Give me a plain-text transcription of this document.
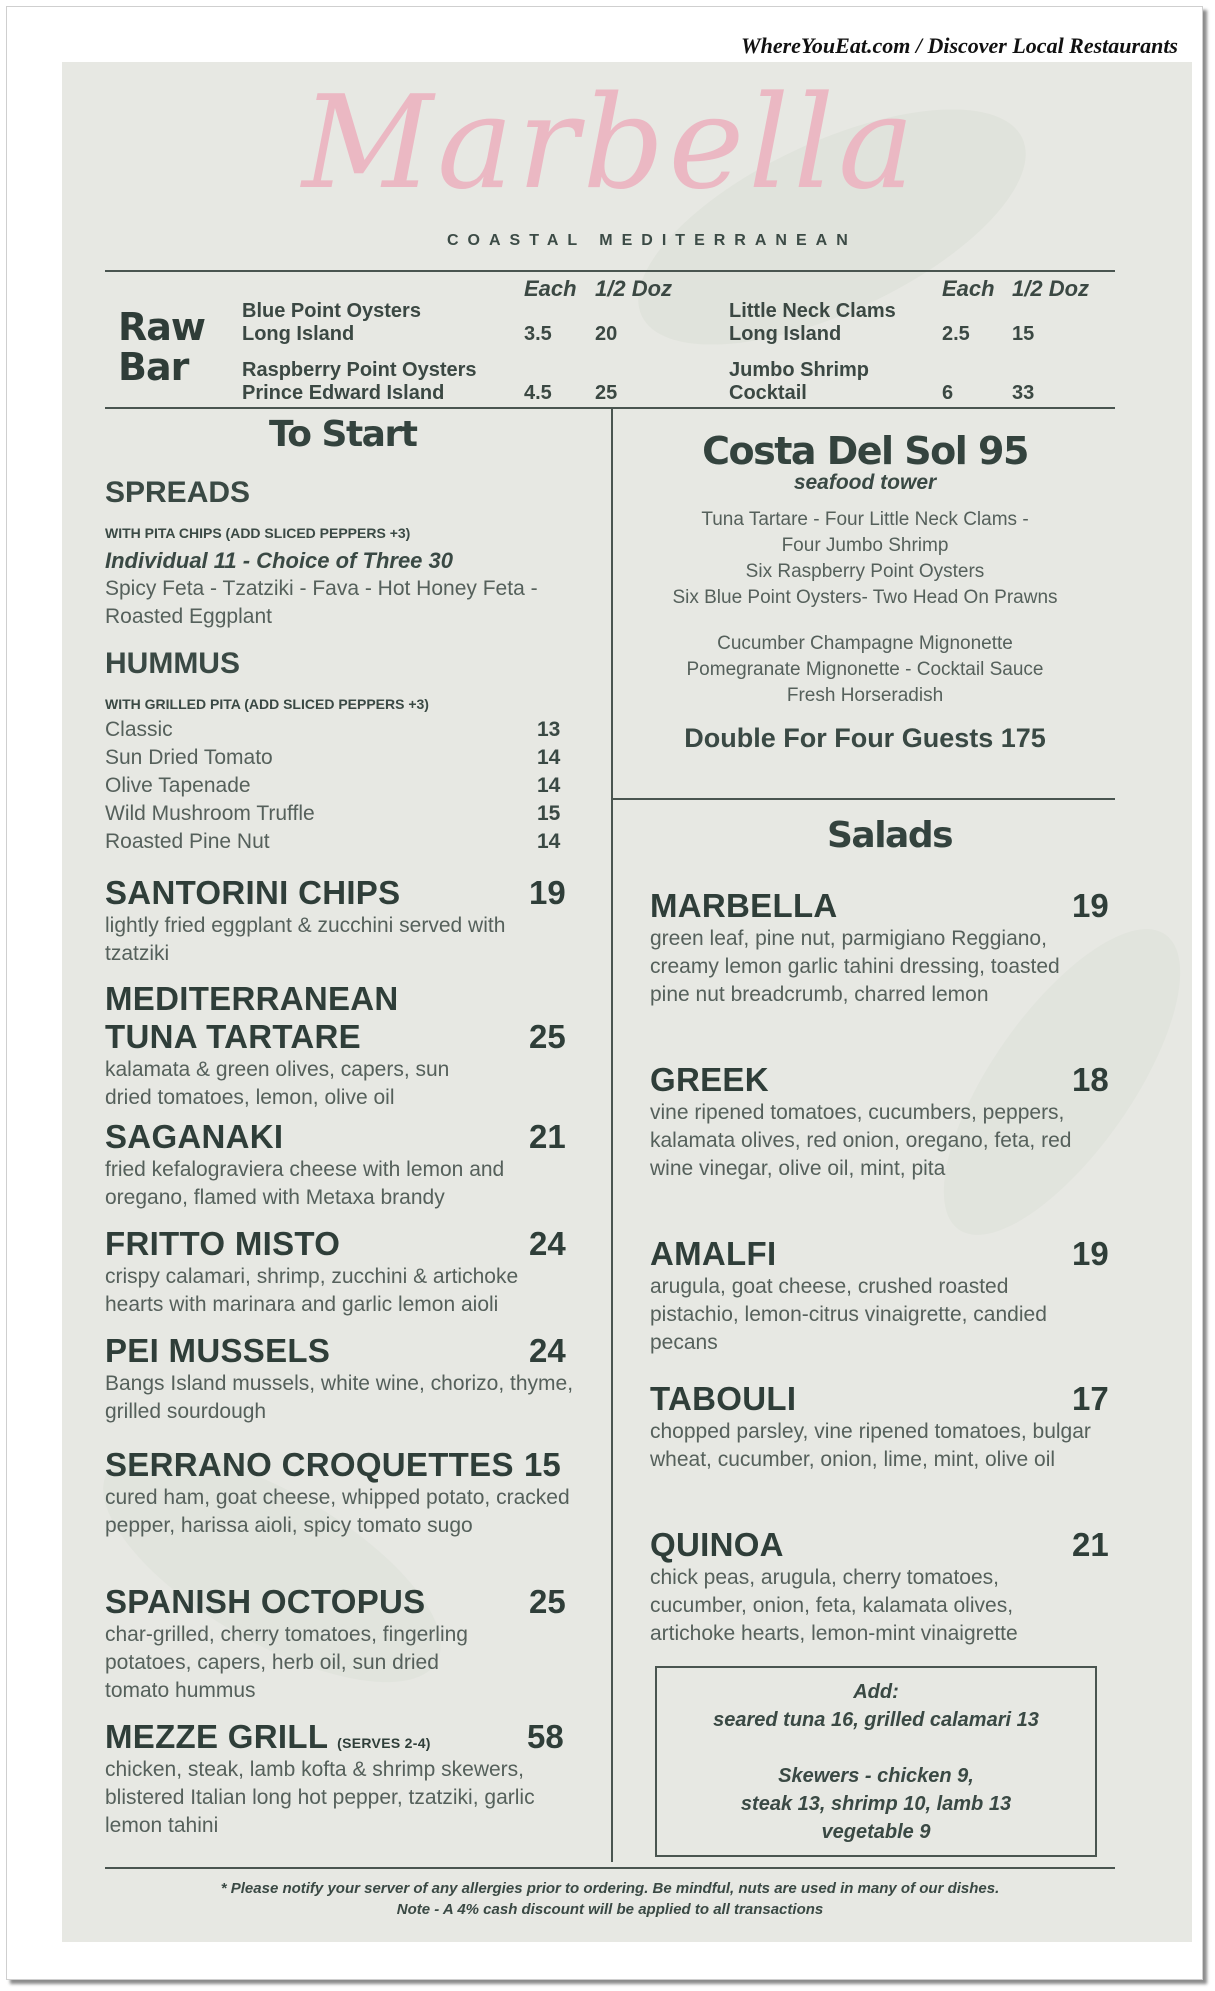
WhereYouEat.com / Discover Local Restaurants
Marbella
COASTAL MEDITERRANEAN
Raw
Bar
Each 1/2 Doz	Each 1/2 Doz
Blue Point Oysters
Long Island	3.5 20
Raspberry Point Oysters
Prince Edward Island	4.5 25
Little Neck Clams
Long Island	2.5 15
Jumbo Shrimp
Cocktail	6	33
To Start
SPREADS
WITH PITA CHIPS (ADD SLICED PEPPERS +3)
Individual 11 - Choice of Three 30
Spicy Feta - Tzatziki - Fava - Hot Honey Feta - Roasted Eggplant
HUMMUS
WITH GRILLED PITA (ADD SLICED PEPPERS +3)
Classic	13
Sun Dried Tomato	14
Olive Tapenade	14
Wild Mushroom Truffle	15
Roasted Pine Nut	14
SANTORINI CHIPS	19
lightly fried eggplant & zucchini served with tzatziki
MEDITERRANEAN
TUNA TARTARE	25
kalamata & green olives, capers, sun dried tomatoes, lemon, olive oil
SAGANAKI	21
fried kefalograviera cheese with lemon and oregano, flamed with Metaxa brandy
FRITTO MISTO	24
crispy calamari, shrimp, zucchini & artichoke hearts with marinara and garlic lemon aioli
PEI MUSSELS	24
Bangs Island mussels, white wine, chorizo, thyme, grilled sourdough
SERRANO CROQUETTES 15
cured ham, goat cheese, whipped potato, cracked pepper, harissa aioli, spicy tomato sugo
SPANISH OCTOPUS	25
char-grilled, cherry tomatoes, fingerling potatoes, capers, herb oil, sun dried tomato hummus
MEZZE GRILL (SERVES 2-4)	58
chicken, steak, lamb kofta & shrimp skewers, blistered Italian long hot pepper, tzatziki, garlic lemon tahini
Costa Del Sol 95
seafood tower
Tuna Tartare - Four Little Neck Clams -
Four Jumbo Shrimp
Six Raspberry Point Oysters
Six Blue Point Oysters- Two Head On Prawns
Cucumber Champagne Mignonette
Pomegranate Mignonette - Cocktail Sauce
Fresh Horseradish
Double For Four Guests 175
Salads
MARBELLA	19
green leaf, pine nut, parmigiano Reggiano, creamy lemon garlic tahini dressing, toasted pine nut breadcrumb, charred lemon
GREEK	18
vine ripened tomatoes, cucumbers, peppers, kalamata olives, red onion, oregano, feta, red wine vinegar, olive oil, mint, pita
AMALFI	19
arugula, goat cheese, crushed roasted pistachio, lemon-citrus vinaigrette, candied pecans
TABOULI	17
chopped parsley, vine ripened tomatoes, bulgar wheat, cucumber, onion, lime, mint, olive oil
QUINOA	21
chick peas, arugula, cherry tomatoes, cucumber, onion, feta, kalamata olives, artichoke hearts, lemon-mint vinaigrette
Add:
seared tuna 16, grilled calamari 13
Skewers - chicken 9,
steak 13, shrimp 10, lamb 13
vegetable 9
* Please notify your server of any allergies prior to ordering. Be mindful, nuts are used in many of our dishes.
Note - A 4% cash discount will be applied to all transactions
